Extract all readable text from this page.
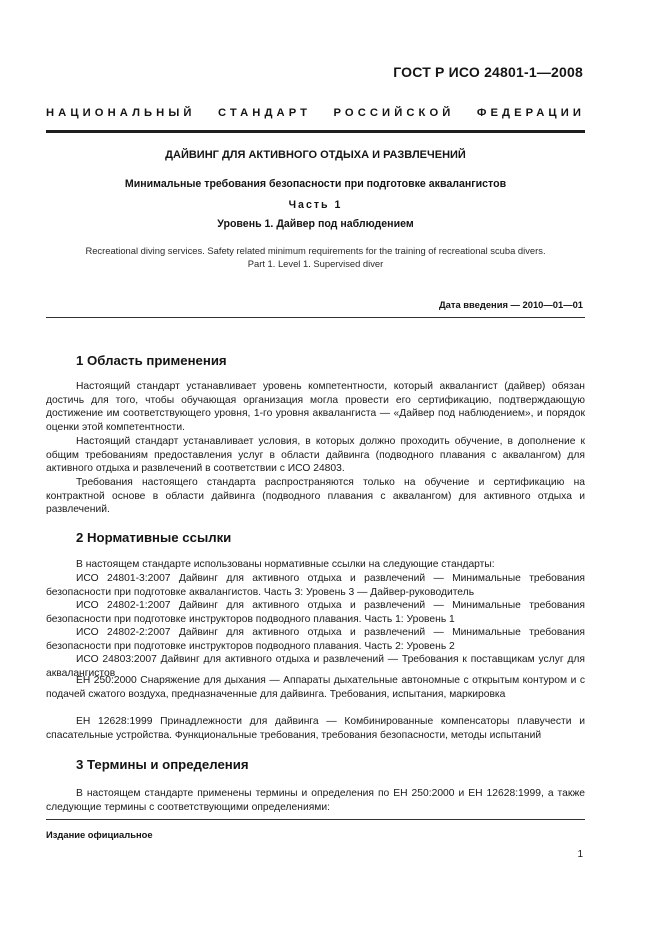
ГОСТ Р ИСО 24801-1—2008
НАЦИОНАЛЬНЫЙ СТАНДАРТ РОССИЙСКОЙ ФЕДЕРАЦИИ
ДАЙВИНГ ДЛЯ АКТИВНОГО ОТДЫХА И РАЗВЛЕЧЕНИЙ
Минимальные требования безопасности при подготовке аквалангистов
Часть 1
Уровень 1. Дайвер под наблюдением
Recreational diving services. Safety related minimum requirements for the training of recreational scuba divers.
Part 1. Level 1. Supervised diver
Дата введения — 2010—01—01
1 Область применения
Настоящий стандарт устанавливает уровень компетентности, который аквалангист (дайвер) обязан достичь для того, чтобы обучающая организация могла провести его сертификацию, подтверждающую достижение им соответствующего уровня, 1-го уровня аквалангиста — «Дайвер под наблюдением», и порядок оценки этой компетентности.
Настоящий стандарт устанавливает условия, в которых должно проходить обучение, в дополнение к общим требованиям предоставления услуг в области дайвинга (подводного плавания с аквалангом) для активного отдыха и развлечений в соответствии с ИСО 24803.
Требования настоящего стандарта распространяются только на обучение и сертификацию на контрактной основе в области дайвинга (подводного плавания с аквалангом) для активного отдыха и развлечений.
2 Нормативные ссылки
В настоящем стандарте использованы нормативные ссылки на следующие стандарты:
ИСО 24801-3:2007 Дайвинг для активного отдыха и развлечений — Минимальные требования безопасности при подготовке аквалангистов. Часть 3: Уровень 3 — Дайвер-руководитель
ИСО 24802-1:2007 Дайвинг для активного отдыха и развлечений — Минимальные требования безопасности при подготовке инструкторов подводного плавания. Часть 1: Уровень 1
ИСО 24802-2:2007 Дайвинг для активного отдыха и развлечений — Минимальные требования безопасности при подготовке инструкторов подводного плавания. Часть 2: Уровень 2
ИСО 24803:2007 Дайвинг для активного отдыха и развлечений — Требования к поставщикам услуг для аквалангистов
ЕН 250:2000 Снаряжение для дыхания — Аппараты дыхательные автономные с открытым контуром и с подачей сжатого воздуха, предназначенные для дайвинга. Требования, испытания, маркировка
ЕН 12628:1999 Принадлежности для дайвинга — Комбинированные компенсаторы плавучести и спасательные устройства. Функциональные требования, требования безопасности, методы испытаний
3 Термины и определения
В настоящем стандарте применены термины и определения по ЕН 250:2000 и ЕН 12628:1999, а также следующие термины с соответствующими определениями:
Издание официальное
1
